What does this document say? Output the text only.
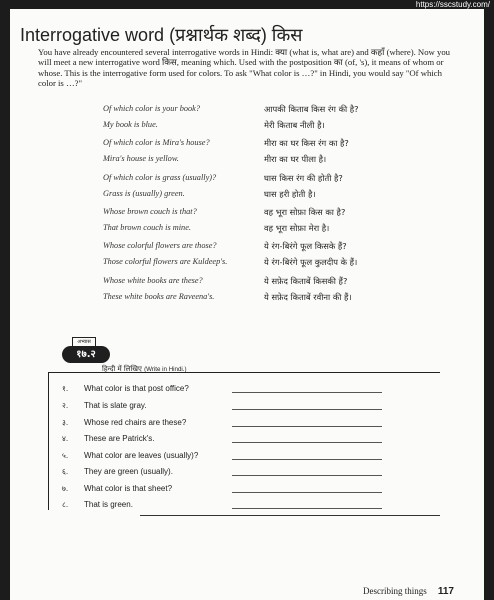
https://sscstudy.com/
Interrogative word (प्रश्नार्थक शब्द) किस

You have already encountered several interrogative words in Hindi: क्या (what is, what are) and कहाँ (where). Now you will meet a new interrogative word किस, meaning which. Used with the postposition का (of, 's), it means of whom or whose. This is the interrogative form used for colors. To ask "What color is …?" in Hindi, you would say "Of which color is …?"

Of which color is your book?	आपकी किताब किस रंग की है?
My book is blue.	मेरी किताब नीली है।
Of which color is Mira's house?	मीरा का घर किस रंग का है?
Mira's house is yellow.	मीरा का घर पीला है।
Of which color is grass (usually)?	घास किस रंग की होती है?
Grass is (usually) green.	घास हरी होती है।
Whose brown couch is that?	वह भूरा सोफ़ा किस का है?
That brown couch is mine.	वह भूरा सोफ़ा मेरा है।
Whose colorful flowers are those?	ये रंग-बिरंगे फूल किसके हैं?
Those colorful flowers are Kuldeep's.	ये रंग-बिरंगे फूल कुलदीप के हैं।
Whose white books are these?	ये सफ़ेद किताबें किसकी हैं?
These white books are Raveena's.	ये सफ़ेद किताबें रवीना की हैं।
अभ्यास
१७.२
हिन्दी में लिखिए (Write in Hindi.)
१. What color is that post office?
२. That is slate gray.
३. Whose red chairs are these?
४. These are Patrick's.
५. What color are leaves (usually)?
६. They are green (usually).
७. What color is that sheet?
८. That is green.
Describing things 117
